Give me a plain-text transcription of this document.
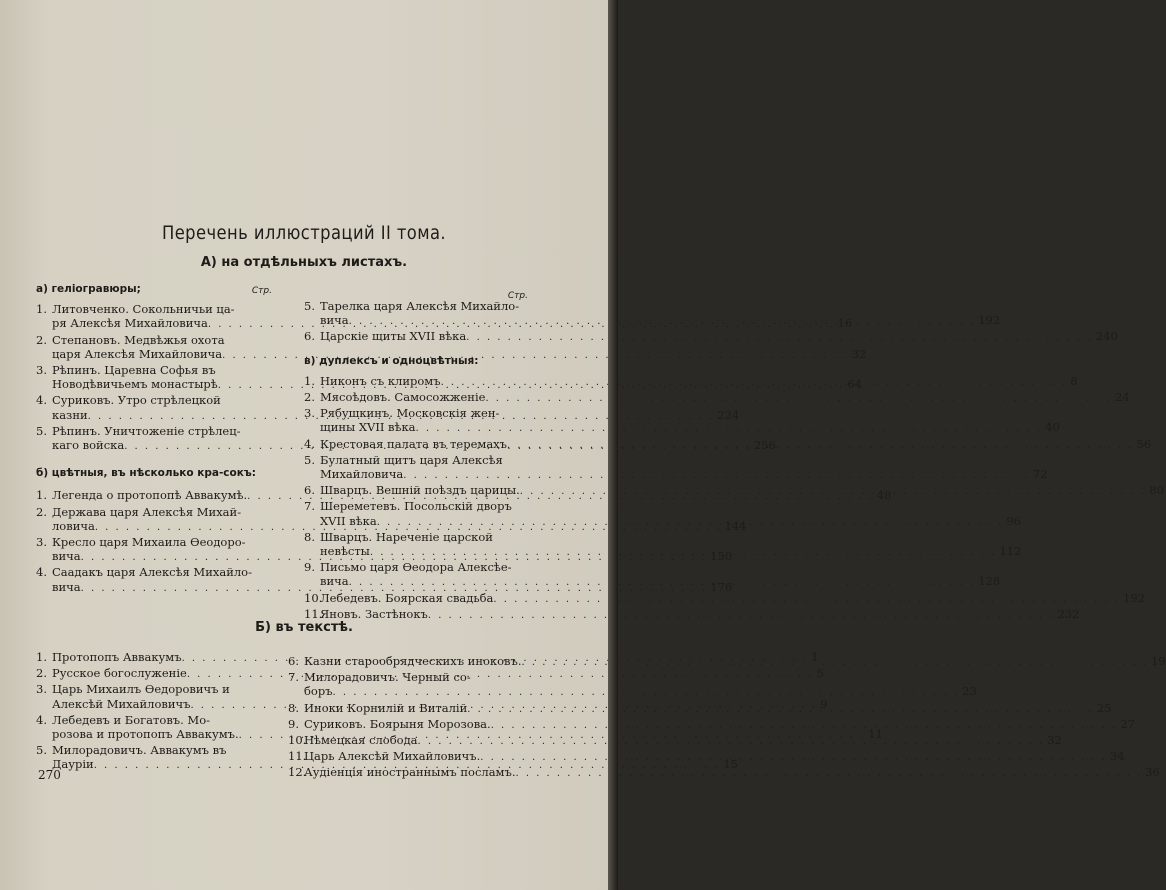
Перечень иллюстраций II тома.
А) на отдѣльныхъ листахъ.
а) геліогравюры;	Стр.
1. Литовченко. Сокольничьи ца-
ря Алексѣя Михайловича . . .	16
2. Степановъ. Медвѣжья охота
царя Алексѣя Михайловича . . .	32
3. Рѣпинъ. Царевна Софья въ
Новодѣвичьемъ монастырѣ . . .	64
4. Суриковъ. Утро стрѣлецкой
казни . . .	224
5. Рѣпинъ. Уничтоженіе стрѣлец-
каго войска . . .	256
б) цвѣтныя, въ нѣсколько кра-сокъ:
1. Легенда о протопопѣ Аввакумѣ. . . .	48
2. Держава царя Алексѣя Михай-
ловича . . .	144
3. Кресло царя Михаила Өеодоро-
вича . . .	150
4. Саадакъ царя Алексѣя Михайло-
вича . . .	176
Стр.
5. Тарелка царя Алексѣя Михайло-
вича . . .	192
6. Царскіе щиты XVII вѣка . . .	240
в) дуплексъ и одноцвѣтныя:
1. Никонъ съ клиромъ . . .	8
2. Мясоѣдовъ. Самосожженіе . . .	24
3. Рябушкинъ. Московскія жен-
щины XVII вѣка . . .	40
4. Крестовая палата въ теремахъ . . .	56
5. Булатный щитъ царя Алексѣя
Михайловича . . .	72
6. Шварцъ. Вешній поѣздъ царицы. . . .	80
7. Шереметевъ. Посольскій дворъ
XVII вѣка . . .	96
8. Шварцъ. Нареченіе царской
невѣсты . . .	112
9. Письмо царя Өеодора Алексѣе-
вича . . .	128
10.
Лебедевъ. Боярская свадьба . . .	192
11.
Яновъ. Застѣнокъ . . .	232
Б) въ текстѣ.
1. Протопопъ Аввакумъ . . .	1
2. Русское богослуженіе . . .	5
3. Царь Михаилъ Өедоровичъ и
Алексѣй Михайловичъ . . .	9
4. Лебедевъ и Богатовъ. Мо-
розова и протопопъ Аввакумъ. . . .	11
5. Милорадовичъ. Аввакумъ въ
Дауріи . . .	15
6. Казни старообрядческихъ иноковъ. . . .	19
7. Милорадовичъ. Черный со-
боръ . . .	23
8. Иноки Корнилій и Виталій . . .	25
9. Суриковъ. Боярыня Морозова. . . .	27
10.
Нѣмецкая слобода . . .	32
11.
Царь Алексѣй Михайловичъ. . . .	34
12.
Аудіенція иностраннымъ посламъ. . . .	36
270
